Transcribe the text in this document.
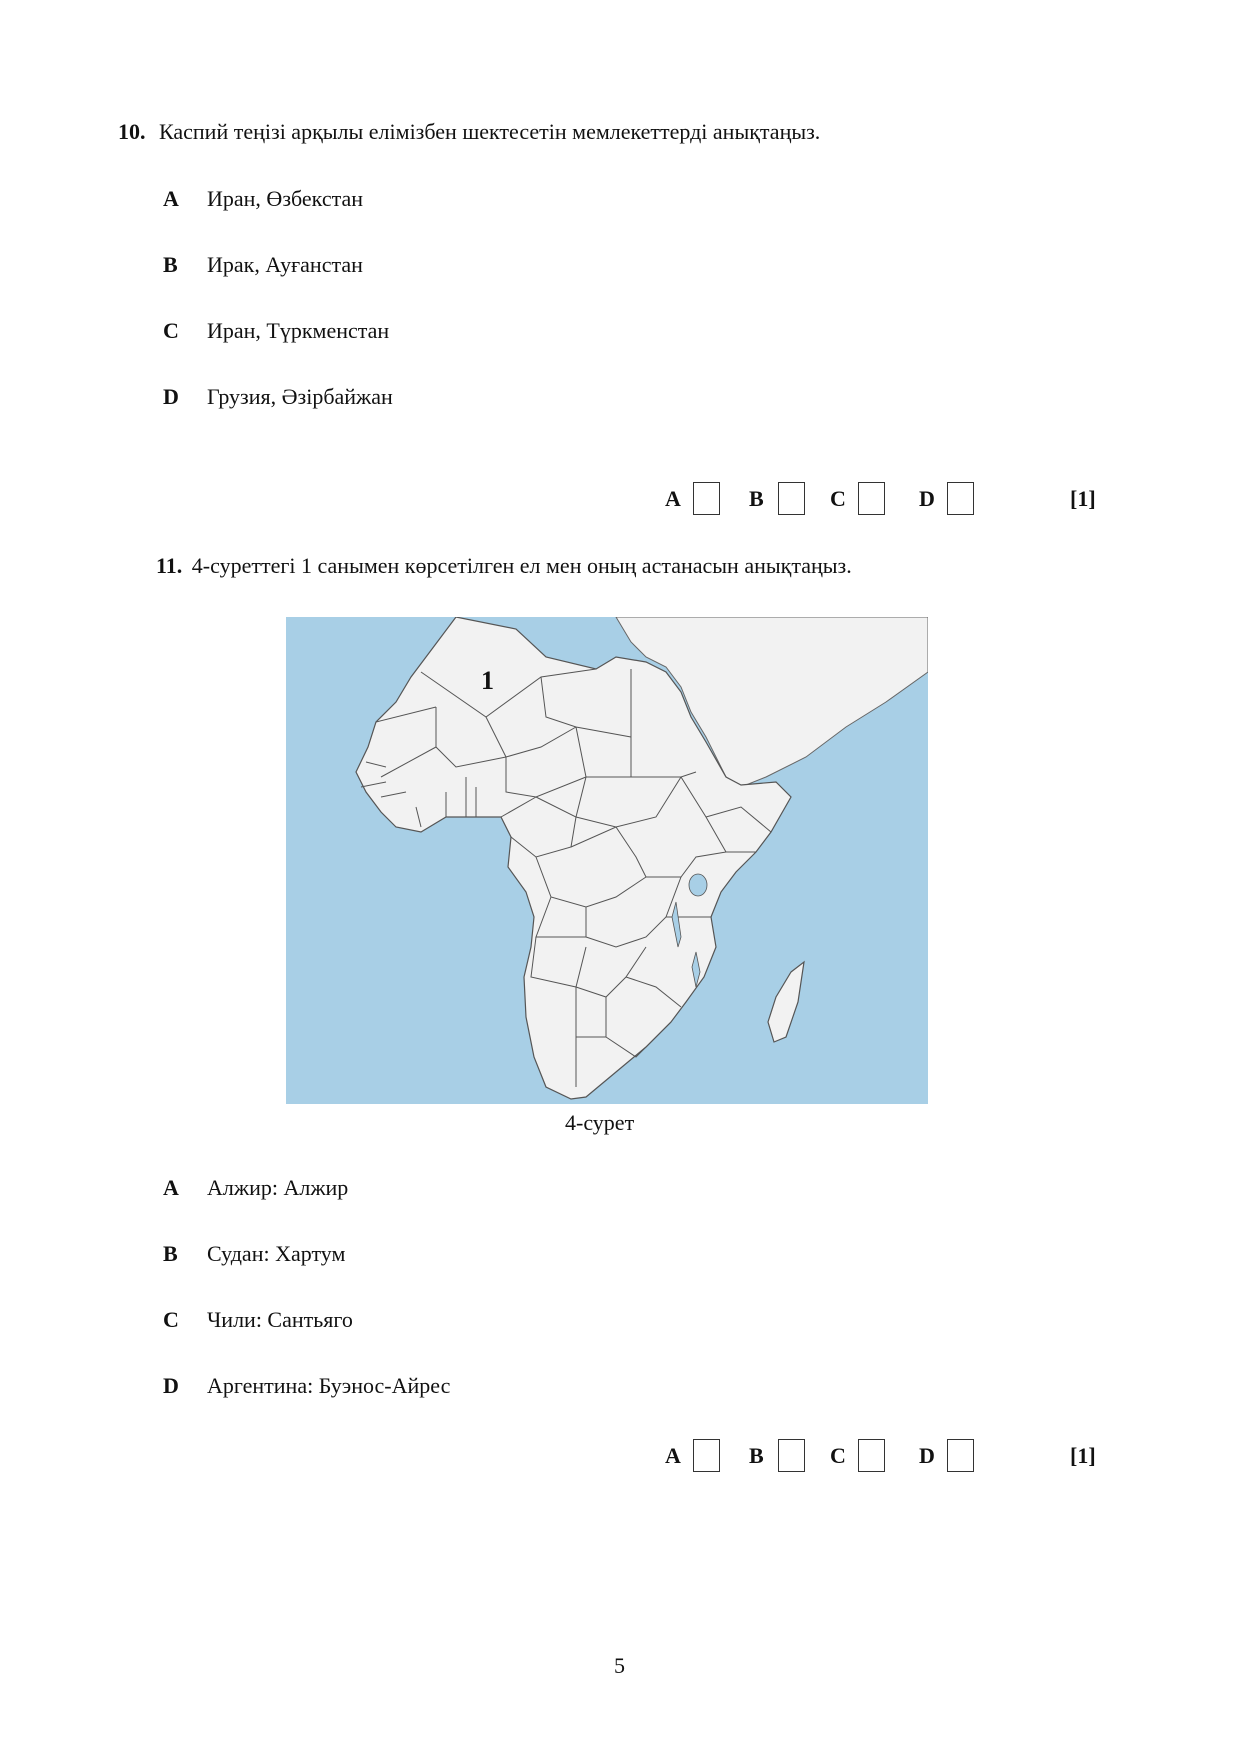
10. Каспий теңізі арқылы елімізбен шектесетін мемлекеттерді анықтаңыз.
A Иран, Өзбекстан
B Ирак, Ауғанстан
C Иран, Түркменстан
D Грузия, Әзірбайжан
A	B	C	D	[1]
11. 4-суреттегі 1 санымен көрсетілген ел мен оның астанасын анықтаңыз.
1
4-сурет
A Алжир: Алжир
B Судан: Хартум
C Чили: Сантьяго
D Аргентина: Буэнос-Айрес
A	B	C	D	[1]
5
